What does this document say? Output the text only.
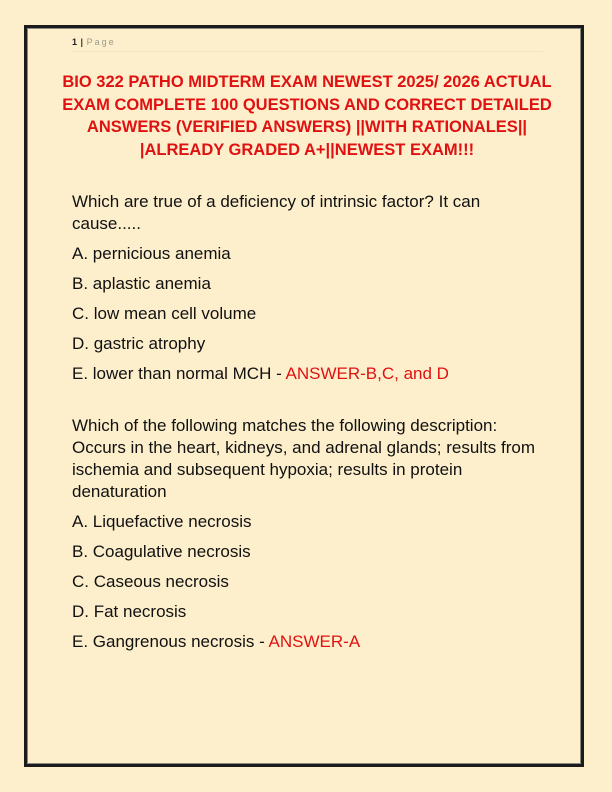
1 | Page
BIO 322 PATHO MIDTERM EXAM NEWEST 2025/ 2026 ACTUAL EXAM COMPLETE 100 QUESTIONS AND CORRECT DETAILED ANSWERS (VERIFIED ANSWERS) ||WITH RATIONALES|| |ALREADY GRADED A+||NEWEST EXAM!!!

Which are true of a deficiency of intrinsic factor? It can cause.....

A. pernicious anemia

B. aplastic anemia

C. low mean cell volume

D. gastric atrophy

E. lower than normal MCH - ANSWER-B,C, and D

Which of the following matches the following description: Occurs in the heart, kidneys, and adrenal glands; results from ischemia and subsequent hypoxia; results in protein denaturation

A. Liquefactive necrosis

B. Coagulative necrosis

C. Caseous necrosis

D. Fat necrosis

E. Gangrenous necrosis - ANSWER-A
